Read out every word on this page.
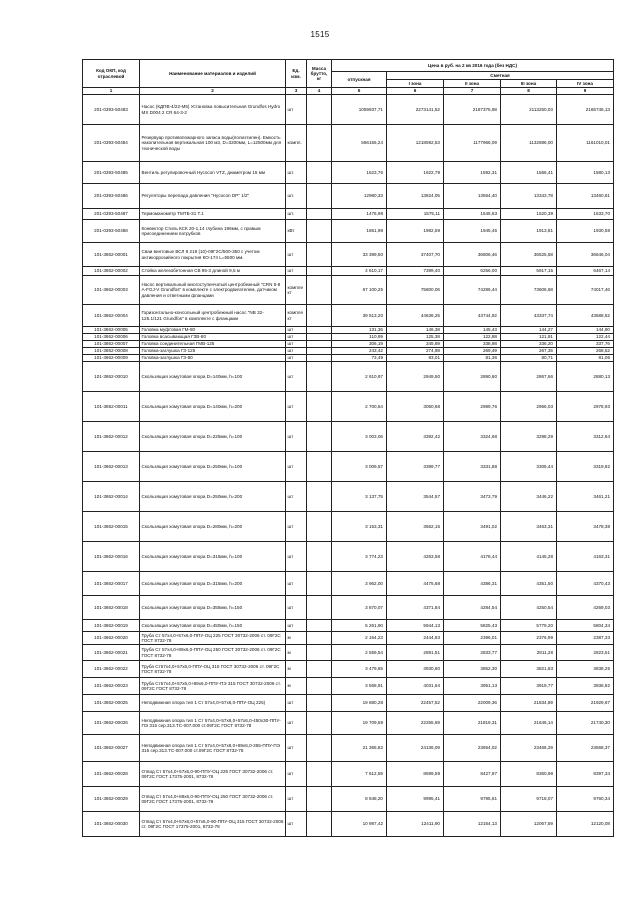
1515
Код ОКП, код отраслевой	Наименование материалов и изделий	Ед. изм.	Масса брутто, кг	Цена в руб. на 2 кв 2016 года (без НДС)				
				отпускная	Сметная			
					I зона	II зона	III зона	IV зона
1	2	3	4	5	6	7	8	9
201-0393-50483	Насос (КДПВ-4/22-М5) Установка повысительная Grundfos Hydro MX D004 2 CR 64-3-2	шт		1059937,71	2273141,52	2187375,98	2113250,03	2165746,13
201-0393-50484	Резервуар противопожарного запаса воды(полиэтилен). Емкость накопительная вертикальная 100 м3, D=3200мм, L=12500мм для технической воды	компл.		566156,24	1218592,53	1177966,09	1132886,00	1161010,01
201-0393-50485	Вентиль регулировочный Hycocon VTZ, диаметром 15 мм	шт.		1523,76	1622,79	1592,31	1566,41	1580,13
201-0393-50486	Регуляторы перепада давления "Hycocon DP" 1/2"	шт.		12980,33	13824,05	13564,40	13343,78	13460,61
201-0393-50487	Термоманометр ТМТБ-31 Т.1	шт.		1476,98	1575,11	1545,63	1520,39	1533,70
201-0393-50488	Конвектор Стиль КСК 20-1,14 глубина 196мм, с правым присоединением патрубков	кВт		1861,98	1982,59	1945,45	1913,81	1930,58
101-3862-00001	Сваи винтовые ВСЛ 8 219 (10)-09Г2С/500-350 с учетом антикоррозийного покрытия КО-174 L=5500 мм.	шт		33 399,50	37407,70	36806,46	36525,58	36646,04
101-3862-00002	Стойка железобетонная СВ 95-3 длиной 9,5 м	шт		4 610,17	7399,40	6256,00	5917,15	6467,14
101-3862-00003	Насос вертикальный многоступенчатый центробежный "CRN 5-8 A-FGJ-V Grundfos" в комплекте с электродвигателем, датчиком давления и ответными фланцами	компле кт		67 100,25	75800,06	74286,44	73606,68	74017,46
101-3862-00004	Горизонтально-консольный центробежный насос "NB 32-125.1/121 Grundfos" в комплекте с фланцами	компле кт		39 513,20	44636,25	43744,92	43337,74	43588,52
101-3862-00005	Головка муфтовая ГМ-80	шт		131,36	146,38	145,43	144,27	144,90
101-3862-00006	Головка всасывающая ГЗВ-80	шт		110,99	125,38	122,88	121,91	122,44
101-3862-00007	Головка соединительная ГМВ-125	шт		306,19	345,89	338,98	336,20	337,76
101-3862-00008	Головка-заглушка ГЗ-125	шт		243,42	274,98	269,49	267,35	268,52
101-3862-00009	Головка-заглушка ГЗ-80	шт		73,49	83,01	81,36	80,71	81,06
101-3862-00010	Скользящая хомутовая опора D=140мм, h=100	шт		2 610,97	2949,50	2890,60	2867,66	2880,13
101-3862-00011	Скользящая хомутовая опора D=140мм, h=200	шт		2 700,54	3050,68	2989,76	2966,03	2978,93
101-3862-00012	Скользящая хомутовая опора D=225мм, h=100	шт		3 003,06	3392,42	3324,68	3298,29	3312,64
101-3862-00013	Скользящая хомутовая опора D=250мм, h=100	шт		3 009,57	3399,77	3331,88	3305,44	3319,82
101-3862-00014	Скользящая хомутовая опора D=250мм, h=200	шт		3 137,75	3544,57	3473,79	3446,22	3461,21
101-3862-00015	Скользящая хомутовая опора D=280мм, h=200	шт		3 153,31	3562,15	3491,02	3463,31	3478,38
101-3862-00016	Скользящая хомутовая опора D=315мм, h=100	шт		3 774,23	4263,58	4178,44	4145,28	4163,31
101-3862-00017	Скользящая хомутовая опора D=315мм, h=200	шт		3 962,00	4475,68	4386,31	4351,50	4370,43
101-3862-00018	Скользящая хомутовая опора D=355мм, h=150	шт		3 870,07	4371,84	4284,54	4250,54	4269,03
101-3862-00019	Скользящая хомутовая опора D=450мм, h=150	шт		5 261,90	5944,13	5825,43	5779,20	5804,34
101-3862-00020	Труба Ст 57х4,0+57х6,0-ППУ-ОЦ 225 ГОСТ 30732-2006 ст. 09Г2С ГОСТ 8732-78	м		2 164,23	2444,83	2396,01	2376,99	2387,33
101-3862-00021	Труба Ст 57х4,0+89х6,0-ППУ-ОЦ 250 ГОСТ 30732-2006 ст. 09Г2С ГОСТ 8732-78	м		2 559,54	2891,51	2833,77	2811,28	2823,51
101-3862-00022	Труба Ст57х4,0+57х6,0-ППУ-ОЦ 315 ГОСТ 30732-2006 ст. 09Г2С ГОСТ 8732-78	м		3 479,65	3930,80	3852,30	3821,83	3838,25
101-3862-00023	Труба Ст57х4,0+57х6,0+89х6,0-ППУ-ПЭ 315 ГОСТ 30732-2006 ст. 09Г2С ГОСТ 8732-78	м		3 568,91	4031,64	3951,13	3919,77	3936,82
101-3862-00025	Неподвижная опора тип 1 Ст 57х4,0+57х6,0-ППУ-ОЦ 225)	шт		19 880,28	22457,52	22009,36	21834,89	21929,67
101-3862-00026	Неподвижная опора тип 1 Ст 57х4,0+57х6,0+57х6,0-450х30-ППУ-ПЭ 315 сер.313.ТС-007.000 ст.09Г2С ГОСТ 8732-78	шт		19 709,59	22265,69	21819,31	21646,14	21740,30
101-3862-00027	Неподвижная опора тип 1 Ст 57х4,0+57х6,0+89х6,0-355-ППУ-ПЭ 315 сер.313.ТС-007.000 ст.09Г2С ГОСТ 8732-78	шт		21 365,82	24136,09	23654,02	23466,29	23568,37
101-3862-00028	Отвод Ст 57х4,0+57х6,0-90-ППУ-ОЦ 225 ГОСТ 30732-2006 ст. 09Г2С ГОСТ 17375-2001, 8732-78	шт		7 612,59	8599,59	8427,97	8360,98	8397,34
101-3862-00029	Отвод Ст 57х4,0+89х6,0-90-ППУ-ОЦ 250 ГОСТ 30732-2006 ст. 09Г2С ГОСТ 17375-2001, 8732-78	шт		8 848,20	9995,41	9795,61	9718,07	9760,34
101-3862-00030	Отвод Ст 57х4,0+57х6,0+57х6,0-90-ППУ-ОЦ 315 ГОСТ 30732-2006 ст. 09Г2С ГОСТ 17375-2001, 8732-78	шт		10 987,42	12411,90	12164,13	12067,59	12120,08
